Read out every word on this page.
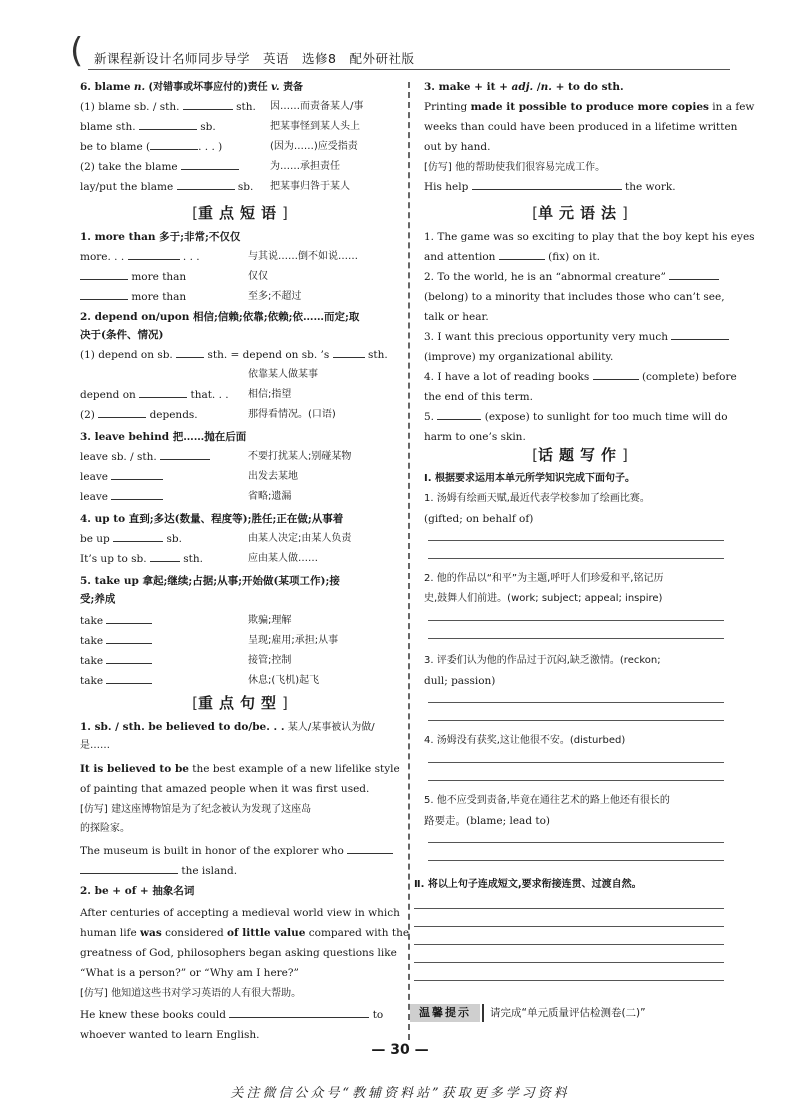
( 新课程新设计名师同步导学　英语　选修8　配外研社版
6. blame n. (对错事或坏事应付的)责任 v. 责备
(1) blame sb. / sth.	sth. 因……而责备某人/事
blame sth.	sb.	把某事怪到某人头上
be to blame (	. . . )	(因为……)应受指责
(2) take the blame	为……承担责任
lay/put the blame	sb. 把某事归咎于某人
[重点短语]
1. more than 多于;非常;不仅仅
more. . .	. . .	与其说……倒不如说……
more than	仅仅
more than	至多;不超过
2. depend on/upon 相信;信赖;依靠;依赖;依……而定;取
决于(条件、情况)
(1) depend on sb.	sth. = depend on sb. ’s	sth.
依靠某人做某事
depend on	that. . . 相信;指望
(2)	depends.	那得看情况。(口语)
3. leave behind 把……抛在后面
leave sb. / sth.	不要打扰某人;别碰某物
leave	出发去某地
leave	省略;遗漏
4. up to 直到;多达(数量、程度等);胜任;正在做;从事着
be up	sb.	由某人决定;由某人负责
It’s up to sb.	sth.	应由某人做……
5. take up 拿起;继续;占据;从事;开始做(某项工作);接
受;养成
take	欺骗;理解
take	呈现;雇用;承担;从事
take	接管;控制
take	休息;(飞机)起飞
[重点句型]
1. sb. / sth. be believed to do/be. . . 某人/某事被认为做/
是……
It is believed to be the best example of a new lifelike style
of painting that amazed people when it was first used.
[仿写] 建这座博物馆是为了纪念被认为发现了这座岛
的探险家。
The museum is built in honor of the explorer who
the island.
2. be + of + 抽象名词
After centuries of accepting a medieval world view in which
human life was considered of little value compared with the
greatness of God, philosophers began asking questions like
“What is a person?” or “Why am I here?”
[仿写] 他知道这些书对学习英语的人有很大帮助。
He knew these books could	to
whoever wanted to learn English.
3. make + it + adj. /n. + to do sth.
Printing made it possible to produce more copies in a few
weeks than could have been produced in a lifetime written
out by hand.
[仿写] 他的帮助使我们很容易完成工作。
His help	the work.
[单元语法]
1. The game was so exciting to play that the boy kept his eyes
and attention	(fix) on it.
2. To the world, he is an “abnormal creature”
(belong) to a minority that includes those who can’t see,
talk or hear.
3. I want this precious opportunity very much
(improve) my organizational ability.
4. I have a lot of reading books	(complete) before
the end of this term.
5.	(expose) to sunlight for too much time will do
harm to one’s skin.
[话题写作]
Ⅰ. 根据要求运用本单元所学知识完成下面句子。
1. 汤姆有绘画天赋,最近代表学校参加了绘画比赛。
(gifted; on behalf of)
2. 他的作品以“和平”为主题,呼吁人们珍爱和平,铭记历
史,鼓舞人们前进。(work; subject; appeal; inspire)
3. 评委们认为他的作品过于沉闷,缺乏激情。(reckon;
dull; passion)
4. 汤姆没有获奖,这让他很不安。(disturbed)
5. 他不应受到责备,毕竟在通往艺术的路上他还有很长的
路要走。(blame; lead to)
Ⅱ. 将以上句子连成短文,要求衔接连贯、过渡自然。
温馨提示	请完成“单元质量评估检测卷(二)”
— 30 —
关注微信公众号“教辅资料站”获取更多学习资料
